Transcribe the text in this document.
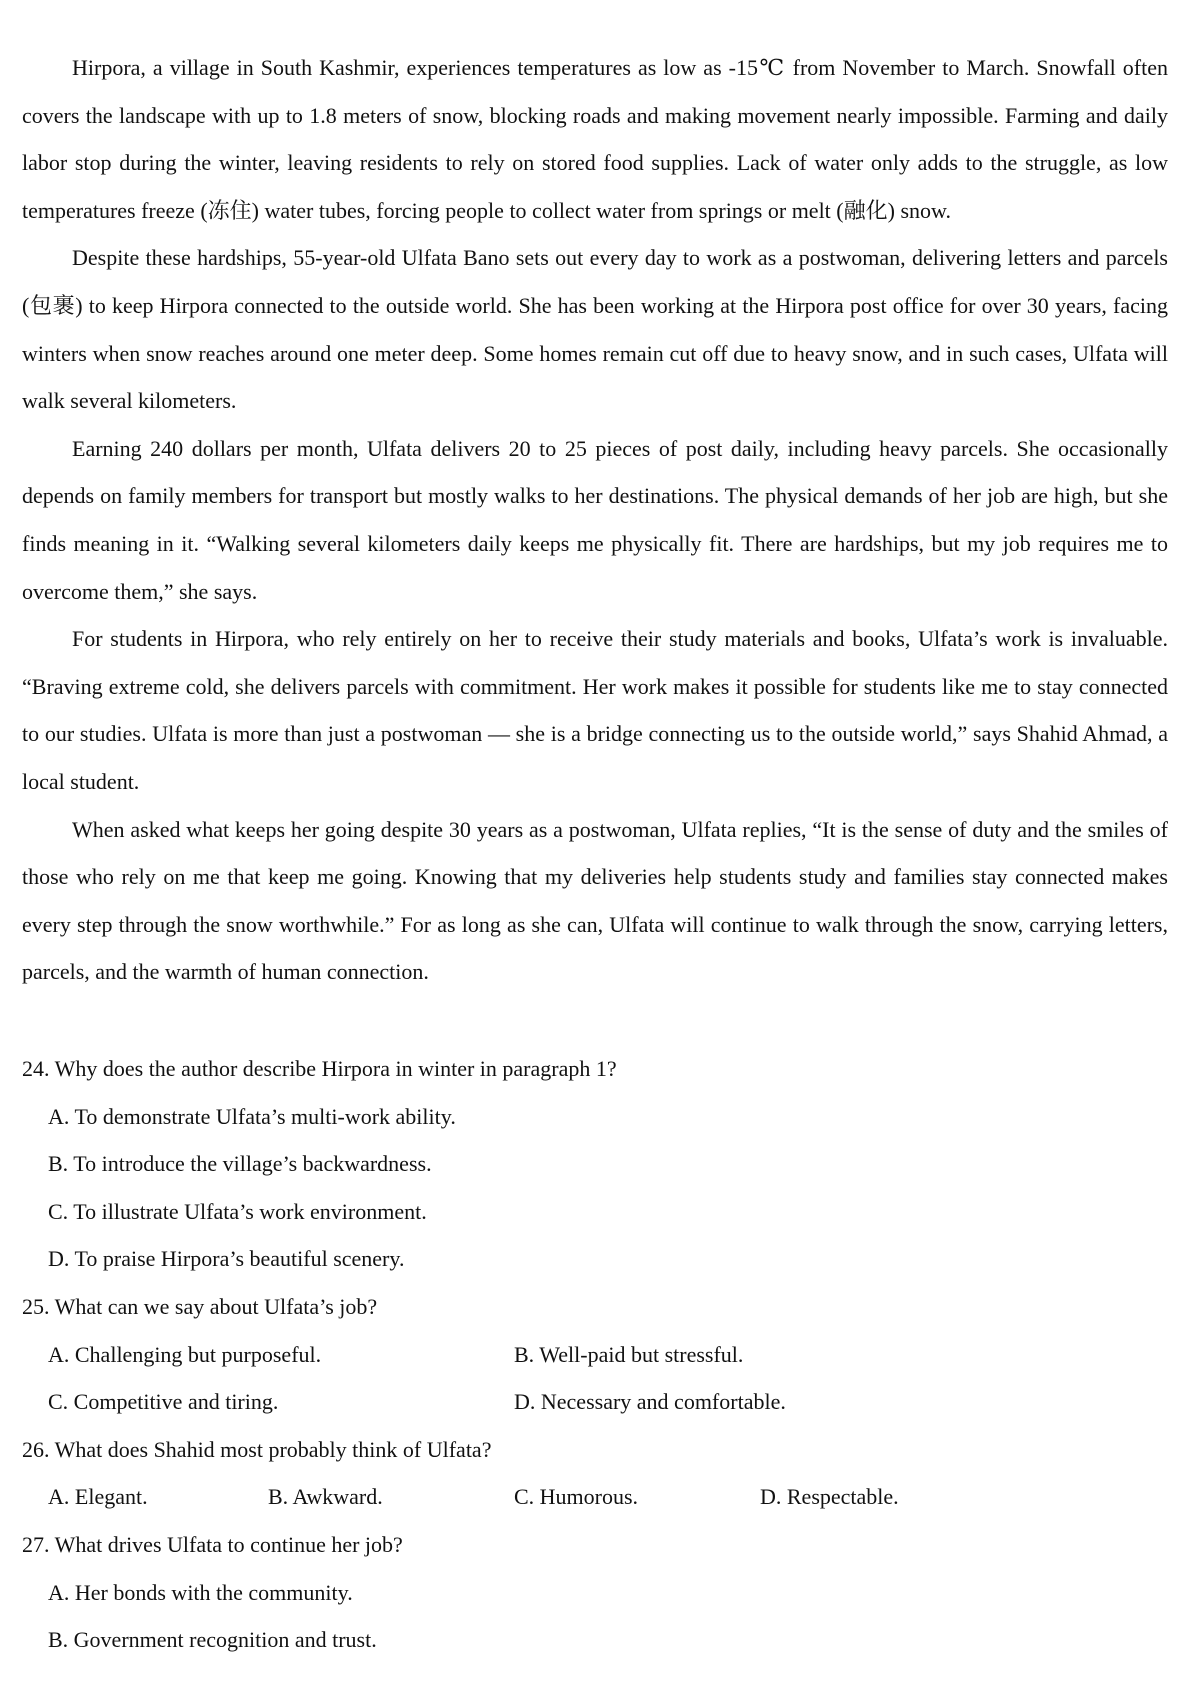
Hirpora, a village in South Kashmir, experiences temperatures as low as -15℃ from November to March. Snowfall often covers the landscape with up to 1.8 meters of snow, blocking roads and making movement nearly impossible. Farming and daily labor stop during the winter, leaving residents to rely on stored food supplies. Lack of water only adds to the struggle, as low temperatures freeze (冻住) water tubes, forcing people to collect water from springs or melt (融化) snow.

Despite these hardships, 55-year-old Ulfata Bano sets out every day to work as a postwoman, delivering letters and parcels (包裹) to keep Hirpora connected to the outside world. She has been working at the Hirpora post office for over 30 years, facing winters when snow reaches around one meter deep. Some homes remain cut off due to heavy snow, and in such cases, Ulfata will walk several kilometers.

Earning 240 dollars per month, Ulfata delivers 20 to 25 pieces of post daily, including heavy parcels. She occasionally depends on family members for transport but mostly walks to her destinations. The physical demands of her job are high, but she finds meaning in it. “Walking several kilometers daily keeps me physically fit. There are hardships, but my job requires me to overcome them,” she says.

For students in Hirpora, who rely entirely on her to receive their study materials and books, Ulfata’s work is invaluable. “Braving extreme cold, she delivers parcels with commitment. Her work makes it possible for students like me to stay connected to our studies. Ulfata is more than just a postwoman — she is a bridge connecting us to the outside world,” says Shahid Ahmad, a local student.

When asked what keeps her going despite 30 years as a postwoman, Ulfata replies, “It is the sense of duty and the smiles of those who rely on me that keep me going. Knowing that my deliveries help students study and families stay connected makes every step through the snow worthwhile.” For as long as she can, Ulfata will continue to walk through the snow, carrying letters, parcels, and the warmth of human connection.

24. Why does the author describe Hirpora in winter in paragraph 1?

A. To demonstrate Ulfata’s multi-work ability.
B. To introduce the village’s backwardness.
C. To illustrate Ulfata’s work environment.
D. To praise Hirpora’s beautiful scenery.

25. What can we say about Ulfata’s job?

A. Challenging but purposeful.	B. Well-paid but stressful.
C. Competitive and tiring.	D. Necessary and comfortable.

26. What does Shahid most probably think of Ulfata?

A. Elegant.	B. Awkward.	C. Humorous.	D. Respectable.

27. What drives Ulfata to continue her job?

A. Her bonds with the community.
B. Government recognition and trust.
